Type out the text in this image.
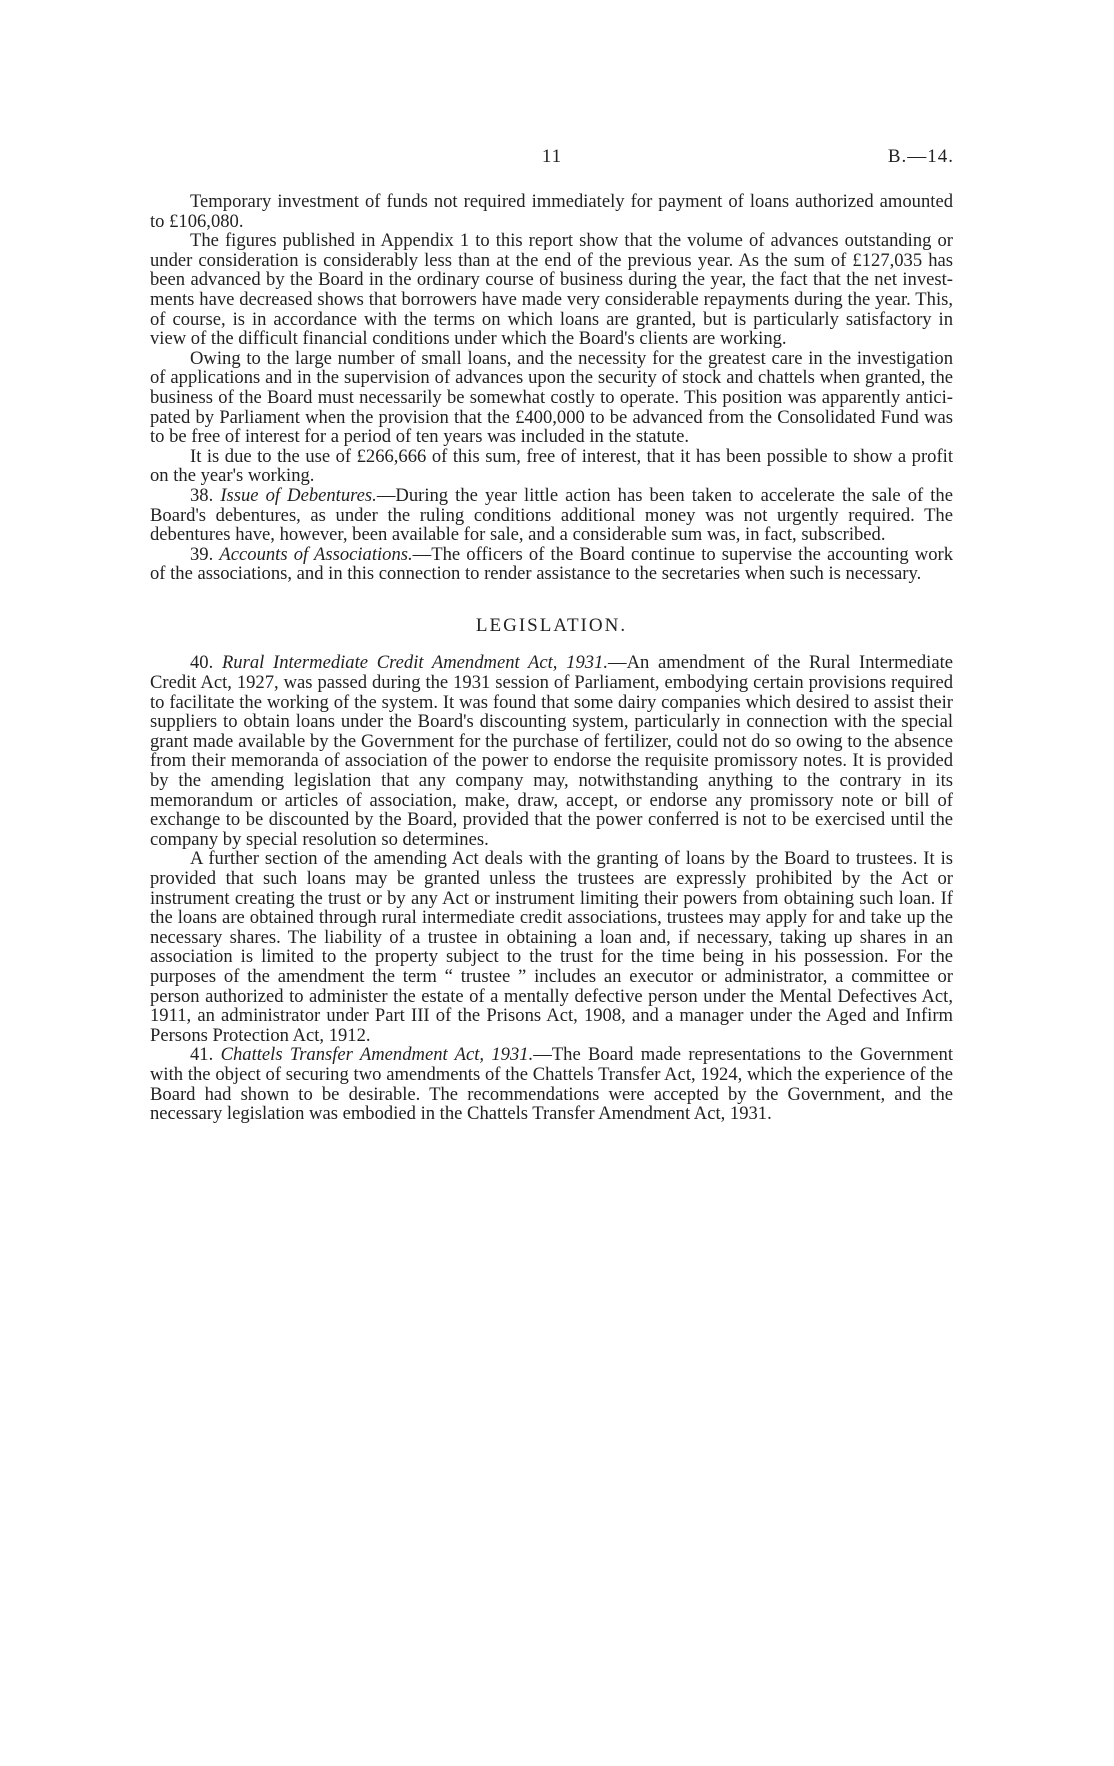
11	B.—14.

Temporary investment of funds not required immediately for payment of loans authorized amounted to £106,080.

The figures published in Appendix 1 to this report show that the volume of advances outstanding or under consideration is considerably less than at the end of the previous year. As the sum of £127,035 has been advanced by the Board in the ordinary course of business during the year, the fact that the net investments have decreased shows that borrowers have made very considerable repayments during the year. This, of course, is in accordance with the terms on which loans are granted, but is particularly satisfactory in view of the difficult financial conditions under which the Board's clients are working.

Owing to the large number of small loans, and the necessity for the greatest care in the investigation of applications and in the supervision of advances upon the security of stock and chattels when granted, the business of the Board must necessarily be somewhat costly to operate. This position was apparently anticipated by Parliament when the provision that the £400,000 to be advanced from the Consolidated Fund was to be free of interest for a period of ten years was included in the statute.

It is due to the use of £266,666 of this sum, free of interest, that it has been possible to show a profit on the year's working.

38. Issue of Debentures.—During the year little action has been taken to accelerate the sale of the Board's debentures, as under the ruling conditions additional money was not urgently required. The debentures have, however, been available for sale, and a considerable sum was, in fact, subscribed.

39. Accounts of Associations.—The officers of the Board continue to supervise the accounting work of the associations, and in this connection to render assistance to the secretaries when such is necessary.

LEGISLATION.

40. Rural Intermediate Credit Amendment Act, 1931.—An amendment of the Rural Intermediate Credit Act, 1927, was passed during the 1931 session of Parliament, embodying certain provisions required to facilitate the working of the system. It was found that some dairy companies which desired to assist their suppliers to obtain loans under the Board's discounting system, particularly in connection with the special grant made available by the Government for the purchase of fertilizer, could not do so owing to the absence from their memoranda of association of the power to endorse the requisite promissory notes. It is provided by the amending legislation that any company may, notwithstanding anything to the contrary in its memorandum or articles of association, make, draw, accept, or endorse any promissory note or bill of exchange to be discounted by the Board, provided that the power conferred is not to be exercised until the company by special resolution so determines.

A further section of the amending Act deals with the granting of loans by the Board to trustees. It is provided that such loans may be granted unless the trustees are expressly prohibited by the Act or instrument creating the trust or by any Act or instrument limiting their powers from obtaining such loan. If the loans are obtained through rural intermediate credit associations, trustees may apply for and take up the necessary shares. The liability of a trustee in obtaining a loan and, if necessary, taking up shares in an association is limited to the property subject to the trust for the time being in his possession. For the purposes of the amendment the term “ trustee ” includes an executor or administrator, a committee or person authorized to administer the estate of a mentally defective person under the Mental Defectives Act, 1911, an administrator under Part III of the Prisons Act, 1908, and a manager under the Aged and Infirm Persons Protection Act, 1912.

41. Chattels Transfer Amendment Act, 1931.—The Board made representations to the Government with the object of securing two amendments of the Chattels Transfer Act, 1924, which the experience of the Board had shown to be desirable. The recommendations were accepted by the Government, and the necessary legislation was embodied in the Chattels Transfer Amendment Act, 1931.
